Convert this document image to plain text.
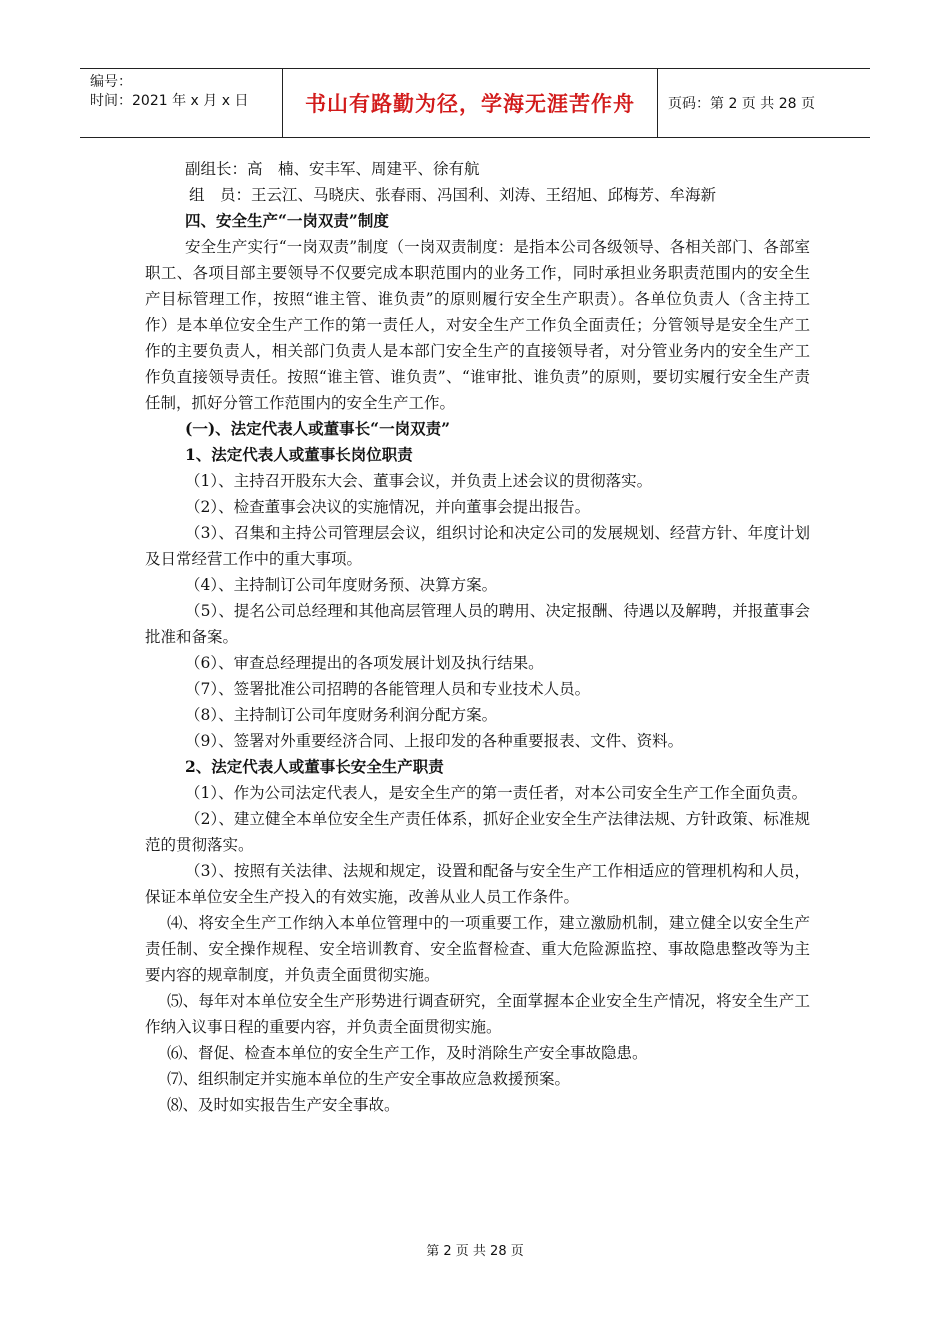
编号：
时间：2021 年 x 月 x 日	书山有路勤为径，学海无涯苦作舟 页码：第 2 页 共 28 页

副组长：高　楠、安丰军、周建平、徐有航

组　员：王云江、马晓庆、张春雨、冯国利、刘涛、王绍旭、邱梅芳、牟海新

四、安全生产“一岗双责”制度

安全生产实行“一岗双责”制度（一岗双责制度：是指本公司各级领导、各相关部门、各部室职工、各项目部主要领导不仅要完成本职范围内的业务工作，同时承担业务职责范围内的安全生产目标管理工作，按照“谁主管、谁负责”的原则履行安全生产职责）。各单位负责人（含主持工作）是本单位安全生产工作的第一责任人，对安全生产工作负全面责任；分管领导是安全生产工作的主要负责人，相关部门负责人是本部门安全生产的直接领导者，对分管业务内的安全生产工作负直接领导责任。按照“谁主管、谁负责”、“谁审批、谁负责”的原则，要切实履行安全生产责任制，抓好分管工作范围内的安全生产工作。

(一)、法定代表人或董事长“一岗双责”

1、法定代表人或董事长岗位职责

（1）、主持召开股东大会、董事会议，并负责上述会议的贯彻落实。

（2）、检查董事会决议的实施情况，并向董事会提出报告。

（3）、召集和主持公司管理层会议，组织讨论和决定公司的发展规划、经营方针、年度计划及日常经营工作中的重大事项。

（4）、主持制订公司年度财务预、决算方案。

（5）、提名公司总经理和其他高层管理人员的聘用、决定报酬、待遇以及解聘，并报董事会批准和备案。

（6）、审查总经理提出的各项发展计划及执行结果。

（7）、签署批准公司招聘的各能管理人员和专业技术人员。

（8）、主持制订公司年度财务利润分配方案。

（9）、签署对外重要经济合同、上报印发的各种重要报表、文件、资料。

2、法定代表人或董事长安全生产职责

（1）、作为公司法定代表人，是安全生产的第一责任者，对本公司安全生产工作全面负责。

（2）、建立健全本单位安全生产责任体系，抓好企业安全生产法律法规、方针政策、标准规范的贯彻落实。

（3）、按照有关法律、法规和规定，设置和配备与安全生产工作相适应的管理机构和人员，保证本单位安全生产投入的有效实施，改善从业人员工作条件。

⑷、将安全生产工作纳入本单位管理中的一项重要工作，建立激励机制，建立健全以安全生产责任制、安全操作规程、安全培训教育、安全监督检查、重大危险源监控、事故隐患整改等为主要内容的规章制度，并负责全面贯彻实施。

⑸、每年对本单位安全生产形势进行调查研究，全面掌握本企业安全生产情况，将安全生产工作纳入议事日程的重要内容，并负责全面贯彻实施。

⑹、督促、检查本单位的安全生产工作，及时消除生产安全事故隐患。

⑺、组织制定并实施本单位的生产安全事故应急救援预案。

⑻、及时如实报告生产安全事故。

第 2 页 共 28 页
